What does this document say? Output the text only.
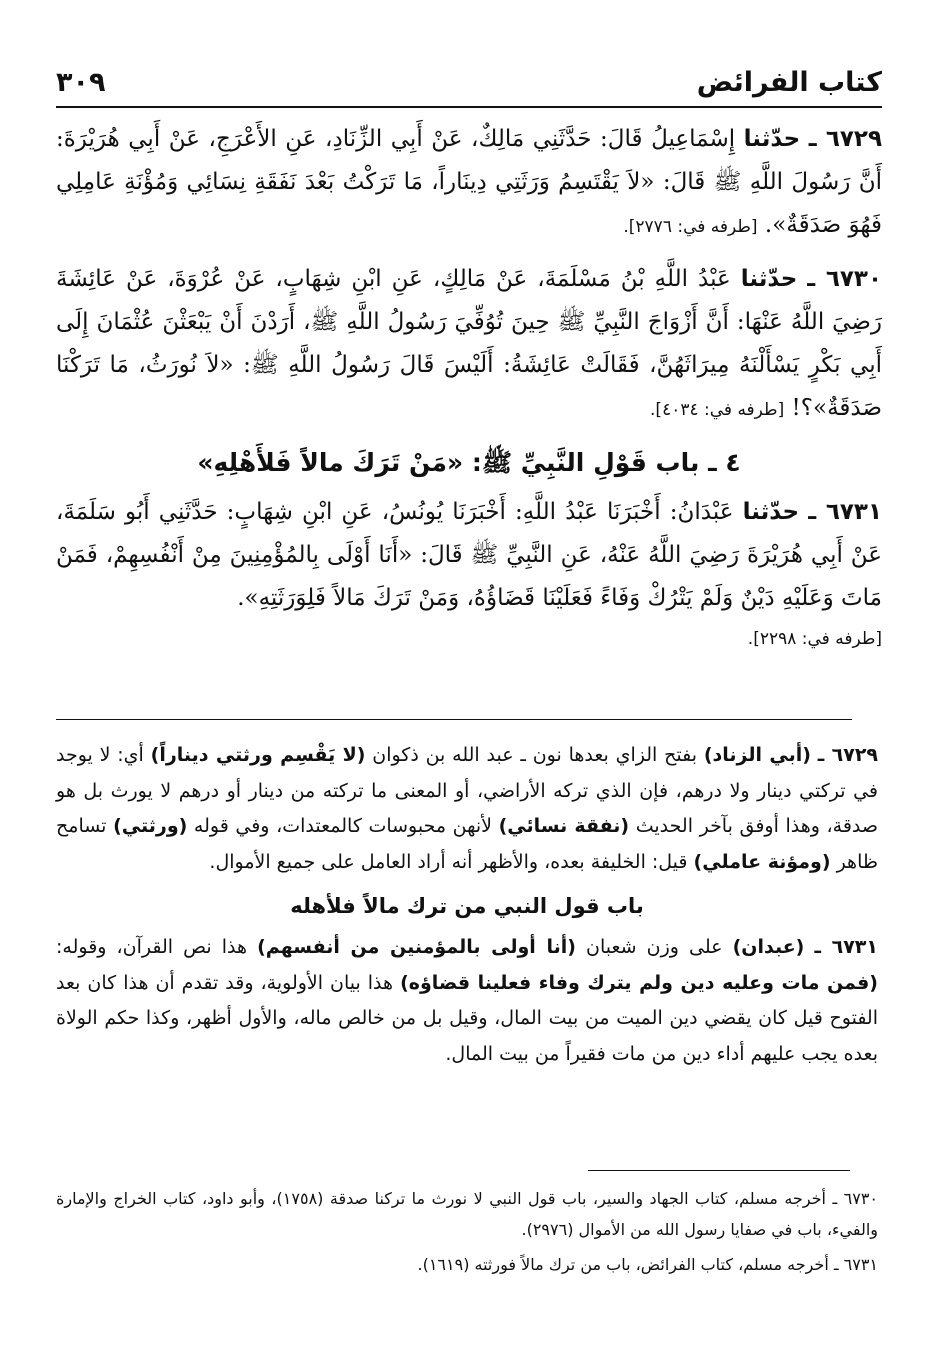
كتاب الفرائض
٣٠٩

٦٧٢٩ ـ حدّثنا إِسْمَاعِيلُ قَالَ: حَدَّثَنِي مَالِكٌ، عَنْ أَبِي الزِّنَادِ، عَنِ الأَعْرَجِ، عَنْ أَبِي هُرَيْرَةَ: أَنَّ رَسُولَ اللَّهِ ﷺ قَالَ: «لاَ يَقْتَسِمُ وَرَثَتِي دِينَاراً، مَا تَرَكْتُ بَعْدَ نَفَقَةِ نِسَائِي وَمُؤْنَةِ عَامِلِي فَهُوَ صَدَقَةٌ». [طرفه في: ٢٧٧٦].

٦٧٣٠ ـ حدّثنا عَبْدُ اللَّهِ بْنُ مَسْلَمَةَ، عَنْ مَالِكٍ، عَنِ ابْنِ شِهَابٍ، عَنْ عُرْوَةَ، عَنْ عَائِشَةَ رَضِيَ اللَّهُ عَنْهَا: أَنَّ أَزْوَاجَ النَّبِيِّ ﷺ حِينَ تُوُفِّيَ رَسُولُ اللَّهِ ﷺ، أَرَدْنَ أَنْ يَبْعَثْنَ عُثْمَانَ إِلَى أَبِي بَكْرٍ يَسْأَلْنَهُ مِيرَاثَهُنَّ، فَقَالَتْ عَائِشَةُ: أَلَيْسَ قَالَ رَسُولُ اللَّهِ ﷺ: «لاَ نُورَثُ، مَا تَرَكْنَا صَدَقَةٌ»؟! [طرفه في: ٤٠٣٤].

٤ ـ باب قَوْلِ النَّبِيِّ ﷺ: «مَنْ تَرَكَ مالاً فَلأَهْلِهِ»

٦٧٣١ ـ حدّثنا عَبْدَانُ: أَخْبَرَنَا عَبْدُ اللَّهِ: أَخْبَرَنَا يُونُسُ، عَنِ ابْنِ شِهَابٍ: حَدَّثَنِي أَبُو سَلَمَةَ، عَنْ أَبِي هُرَيْرَةَ رَضِيَ اللَّهُ عَنْهُ، عَنِ النَّبِيِّ ﷺ قَالَ: «أَنَا أَوْلَى بِالمُؤْمِنِينَ مِنْ أَنْفُسِهِمْ، فَمَنْ مَاتَ وَعَلَيْهِ دَيْنٌ وَلَمْ يَتْرُكْ وَفَاءً فَعَلَيْنَا قَضَاؤُهُ، وَمَنْ تَرَكَ مَالاً فَلِوَرَثَتِهِ».

[طرفه في: ٢٢٩٨].

٦٧٢٩ ـ (أبي الزناد) بفتح الزاي بعدها نون ـ عبد الله بن ذكوان (لا يَقْسِم ورثتي ديناراً) أي: لا يوجد في تركتي دينار ولا درهم، فإن الذي تركه الأراضي، أو المعنى ما تركته من دينار أو درهم لا يورث بل هو صدقة، وهذا أوفق بآخر الحديث (نفقة نسائي) لأنهن محبوسات كالمعتدات، وفي قوله (ورثتي) تسامح ظاهر (ومؤنة عاملي) قيل: الخليفة بعده، والأظهر أنه أراد العامل على جميع الأموال.

باب قول النبي من ترك مالاً فلأهله

٦٧٣١ ـ (عبدان) على وزن شعبان (أنا أولى بالمؤمنين من أنفسهم) هذا نص القرآن، وقوله: (فمن مات وعليه دين ولم يترك وفاء فعلينا قضاؤه) هذا بيان الأولوية، وقد تقدم أن هذا كان بعد الفتوح قيل كان يقضي دين الميت من بيت المال، وقيل بل من خالص ماله، والأول أظهر، وكذا حكم الولاة بعده يجب عليهم أداء دين من مات فقيراً من بيت المال.

٦٧٣٠ ـ أخرجه مسلم، كتاب الجهاد والسير، باب قول النبي لا نورث ما تركنا صدقة (١٧٥٨)، وأبو داود، كتاب الخراج والإمارة والفيء، باب في صفايا رسول الله من الأموال (٢٩٧٦).

٦٧٣١ ـ أخرجه مسلم، كتاب الفرائض، باب من ترك مالاً فورثته (١٦١٩).
